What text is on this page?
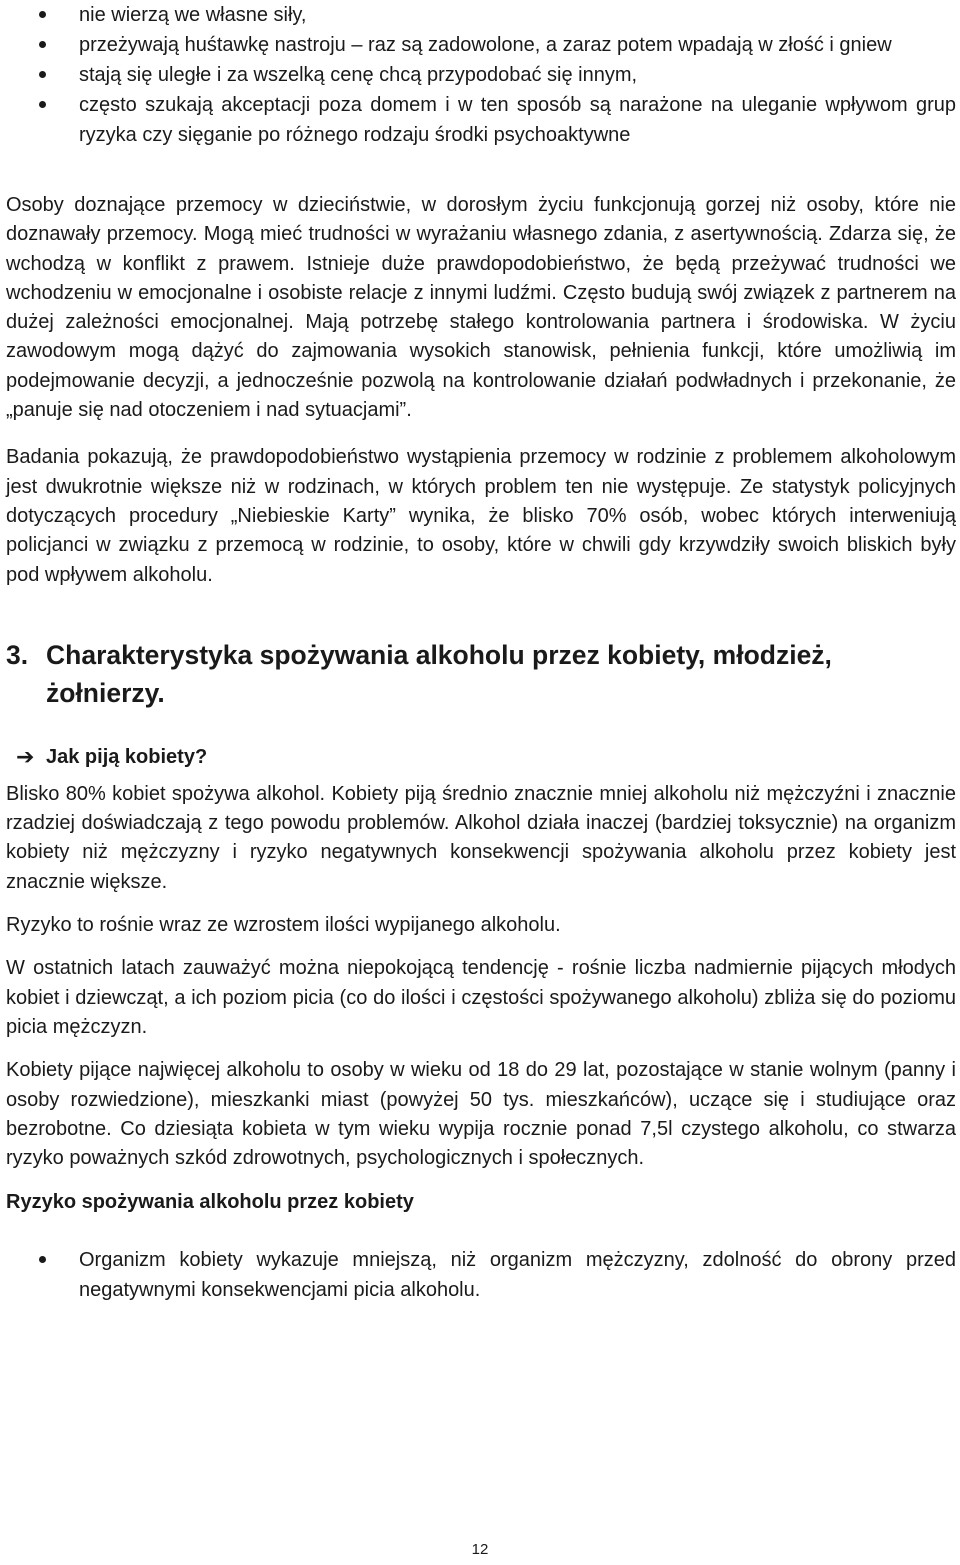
nie wierzą we własne siły,
przeżywają huśtawkę nastroju – raz są zadowolone, a zaraz potem wpadają w złość i gniew
stają się uległe i za wszelką cenę chcą przypodobać się innym,
często szukają akceptacji poza domem i w ten sposób są narażone na uleganie wpływom grup ryzyka czy sięganie po różnego rodzaju środki psychoaktywne

Osoby doznające przemocy w dzieciństwie, w dorosłym życiu funkcjonują gorzej niż osoby, które nie doznawały przemocy. Mogą mieć trudności w wyrażaniu własnego zdania, z asertywnością. Zdarza się, że wchodzą w konflikt z prawem. Istnieje duże prawdopodobieństwo, że będą przeżywać trudności we wchodzeniu w emocjonalne i osobiste relacje z innymi ludźmi. Często budują swój związek z partnerem na dużej zależności emocjonalnej. Mają potrzebę stałego kontrolowania partnera i środowiska. W życiu zawodowym mogą dążyć do zajmowania wysokich stanowisk, pełnienia funkcji, które umożliwią im podejmowanie decyzji, a jednocześnie pozwolą na kontrolowanie działań podwładnych i przekonanie, że „panuje się nad otoczeniem i nad sytuacjami”.

Badania pokazują, że prawdopodobieństwo wystąpienia przemocy w rodzinie z problemem alkoholowym jest dwukrotnie większe niż w rodzinach, w których problem ten nie występuje. Ze statystyk policyjnych dotyczących procedury „Niebieskie Karty” wynika, że blisko 70% osób, wobec których interweniują policjanci w związku z przemocą w rodzinie, to osoby, które w chwili gdy krzywdziły swoich bliskich były pod wpływem alkoholu.

3. Charakterystyka spożywania alkoholu przez kobiety, młodzież, żołnierzy.

➔ Jak piją kobiety?

Blisko 80% kobiet spożywa alkohol. Kobiety piją średnio znacznie mniej alkoholu niż mężczyźni i znacznie rzadziej doświadczają z tego powodu problemów. Alkohol działa inaczej (bardziej toksycznie) na organizm kobiety niż mężczyzny i ryzyko negatywnych konsekwencji spożywania alkoholu przez kobiety jest znacznie większe.

Ryzyko to rośnie wraz ze wzrostem ilości wypijanego alkoholu.

W ostatnich latach zauważyć można niepokojącą tendencję - rośnie liczba nadmiernie pijących młodych kobiet i dziewcząt, a ich poziom picia (co do ilości i częstości spożywanego alkoholu) zbliża się do poziomu picia mężczyzn.

Kobiety pijące najwięcej alkoholu to osoby w wieku od 18 do 29 lat, pozostające w stanie wolnym (panny i osoby rozwiedzione), mieszkanki miast (powyżej 50 tys. mieszkańców), uczące się i studiujące oraz bezrobotne. Co dziesiąta kobieta w tym wieku wypija rocznie ponad 7,5l czystego alkoholu, co stwarza ryzyko poważnych szkód zdrowotnych, psychologicznych i społecznych.

Ryzyko spożywania alkoholu przez kobiety

Organizm kobiety wykazuje mniejszą, niż organizm mężczyzny, zdolność do obrony przed negatywnymi konsekwencjami picia alkoholu.
12
